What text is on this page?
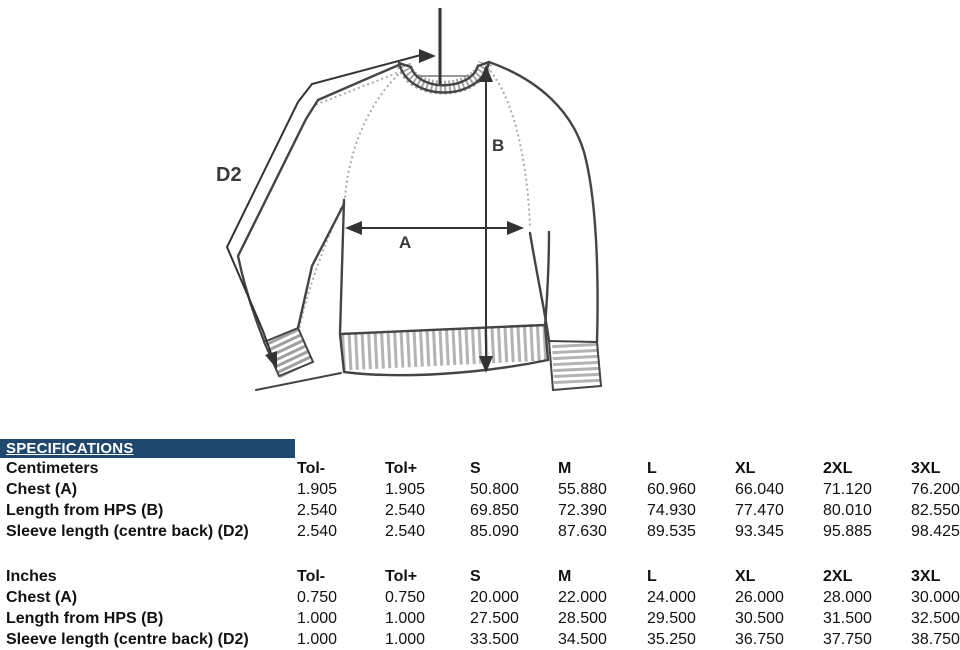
D2
B
A
SPECIFICATIONS
Centimeters	Tol-	Tol+	S	M	L	XL	2XL	3XL
Chest (A)	1.905	1.905	50.800	55.880	60.960	66.040	71.120	76.200
Length from HPS (B)	2.540	2.540	69.850	72.390	74.930	77.470	80.010	82.550
Sleeve length (centre back) (D2)	2.540	2.540	85.090	87.630	89.535	93.345	95.885	98.425
Inches	Tol-	Tol+	S	M	L	XL	2XL	3XL
Chest (A)	0.750	0.750	20.000	22.000	24.000	26.000	28.000	30.000
Length from HPS (B)	1.000	1.000	27.500	28.500	29.500	30.500	31.500	32.500
Sleeve length (centre back) (D2)	1.000	1.000	33.500	34.500	35.250	36.750	37.750	38.750
